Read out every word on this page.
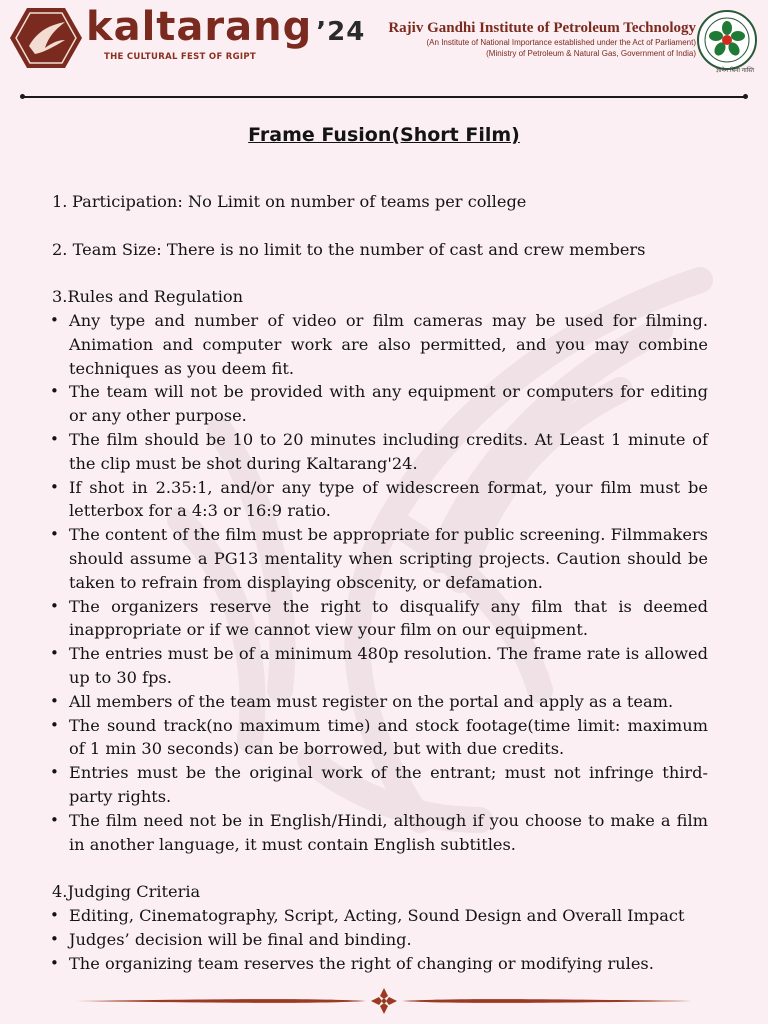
kaltarang ’24
THE CULTURAL FEST OF RGIPT
Rajiv Gandhi Institute of Petroleum Technology
(An Institute of National Importance established under the Act of Parliament)
(Ministry of Petroleum & Natural Gas, Government of India)
ज्ञानेन बिना नास्ति
Frame Fusion(Short Film)

1. Participation: No Limit on number of teams per college

2. Team Size: There is no limit to the number of cast and crew members

3.Rules and Regulation

• Any type and number of video or film cameras may be used for filming. Animation and computer work are also permitted, and you may combine techniques as you deem fit.
• The team will not be provided with any equipment or computers for editing or any other purpose.
• The film should be 10 to 20 minutes including credits. At Least 1 minute of the clip must be shot during Kaltarang'24.
• If shot in 2.35:1, and/or any type of widescreen format, your film must be letterbox for a 4:3 or 16:9 ratio.
• The content of the film must be appropriate for public screening. Filmmakers should assume a PG13 mentality when scripting projects. Caution should be taken to refrain from displaying obscenity, or defamation.
• The organizers reserve the right to disqualify any film that is deemed inappropriate or if we cannot view your film on our equipment.
• The entries must be of a minimum 480p resolution. The frame rate is allowed up to 30 fps.
• All members of the team must register on the portal and apply as a team.
• The sound track(no maximum time) and stock footage(time limit: maximum of 1 min 30 seconds) can be borrowed, but with due credits.
• Entries must be the original work of the entrant; must not infringe third-party rights.
• The film need not be in English/Hindi, although if you choose to make a film in another language, it must contain English subtitles.

4.Judging Criteria

• Editing, Cinematography, Script, Acting, Sound Design and Overall Impact
• Judges’ decision will be final and binding.
• The organizing team reserves the right of changing or modifying rules.
